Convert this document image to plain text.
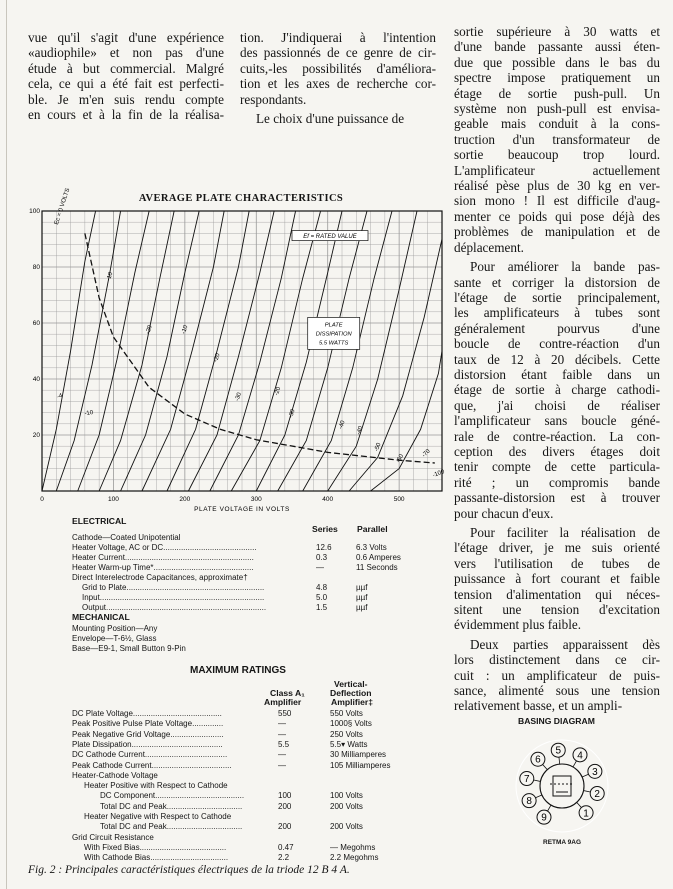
vue qu'il s'agit d'une expérience
«audiophile» et non pas d'une
étude à but commercial. Malgré
cela, ce qui a été fait est perfecti-
ble. Je m'en suis rendu compte
en cours et à la fin de la réalisa-
tion. J'indiquerai à l'intention
des passionnés de ce genre de cir-
cuits,-les possibilités d'améliora-
tion et les axes de recherche cor-
respondants.
Le choix d'une puissance de
sortie supérieure à 30 watts et
d'une bande passante aussi éten-
due que possible dans le bas du
spectre impose pratiquement un
étage de sortie push-pull. Un
système non push-pull est envisa-
geable mais conduit à la cons-
truction d'un transformateur de
sortie beaucoup trop lourd.
L'amplificateur actuellement
réalisé pèse plus de 30 kg en ver-
sion mono ! Il est difficile d'aug-
menter ce poids qui pose déjà des
problèmes de manipulation et de
déplacement.
Pour améliorer la bande pas-
sante et corriger la distorsion de
l'étage de sortie principalement,
les amplificateurs à tubes sont
généralement pourvus d'une
boucle de contre-réaction d'un
taux de 12 à 20 décibels. Cette
distorsion étant faible dans un
étage de sortie à charge cathodi-
que, j'ai choisi de réaliser
l'amplificateur sans boucle géné-
rale de contre-réaction. La con-
ception des divers étages doit
tenir compte de cette particula-
rité ; un compromis bande
passante-distorsion est à trouver
pour chacun d'eux.
Pour faciliter la réalisation de
l'étage driver, je me suis orienté
vers l'utilisation de tubes de
puissance à fort courant et faible
tension d'alimentation qui néces-
sitent une tension d'excitation
évidemment plus faible.
Deux parties apparaissent dès
lors distinctement dans ce cir-
cuit : un amplificateur de puis-
sance, alimenté sous une tension
relativement basse, et un ampli-
AVERAGE PLATE CHARACTERISTICS
0	100	200	300	400	500
20
40
60
80
100
PLATE VOLTAGE IN VOLTS
Ec = 0 VOLTS
-10
-20	-10
-20
-30
-20
-30
-40
-40
-50
-60	-70
-100
-4
-10
Ef = RATED VALUE
PLATE
DISSIPATION
5.5 WATTS
ELECTRICAL
Series Parallel
Cathode—Coated Unipotential
Heater Voltage, AC or DC..........................................	12.6	6.3 Volts
Heater Current..........................................................	0.3	0.6 Amperes
Heater Warm-up Time*.............................................	—	11 Seconds
Direct Interelectrode Capacitances, approximate†
Grid to Plate..............................................................	4.8	µµf
Input..........................................................................	5.0	µµf
Output........................................................................	1.5	µµf
MECHANICAL
Mounting Position—Any
Envelope—T-6½, Glass
Base—E9-1, Small Button 9-Pin
MAXIMUM RATINGS
Class A₁
Amplifier
Vertical-
Deflection
Amplifier‡
DC Plate Voltage........................................	550	550 Volts
Peak Positive Pulse Plate Voltage..............	—	1000§ Volts
Peak Negative Grid Voltage........................	—	250 Volts
Plate Dissipation.........................................	5.5	5.5▾ Watts
DC Cathode Current.....................................	—	30 Milliamperes
Peak Cathode Current....................................	—	105 Milliamperes
Heater-Cathode Voltage
Heater Positive with Respect to Cathode
DC Component........................................	100	100 Volts
Total DC and Peak..................................	200	200 Volts
Heater Negative with Respect to Cathode
Total DC and Peak..................................	200	200 Volts
Grid Circuit Resistance
With Fixed Bias.......................................	0.47	— Megohms
With Cathode Bias...................................	2.2	2.2 Megohms
BASING DIAGRAM
9
8
7
6
5 4
3
2
1
RETMA 9AG
Fig. 2 : Principales caractéristiques électriques de la triode 12 B 4 A.
